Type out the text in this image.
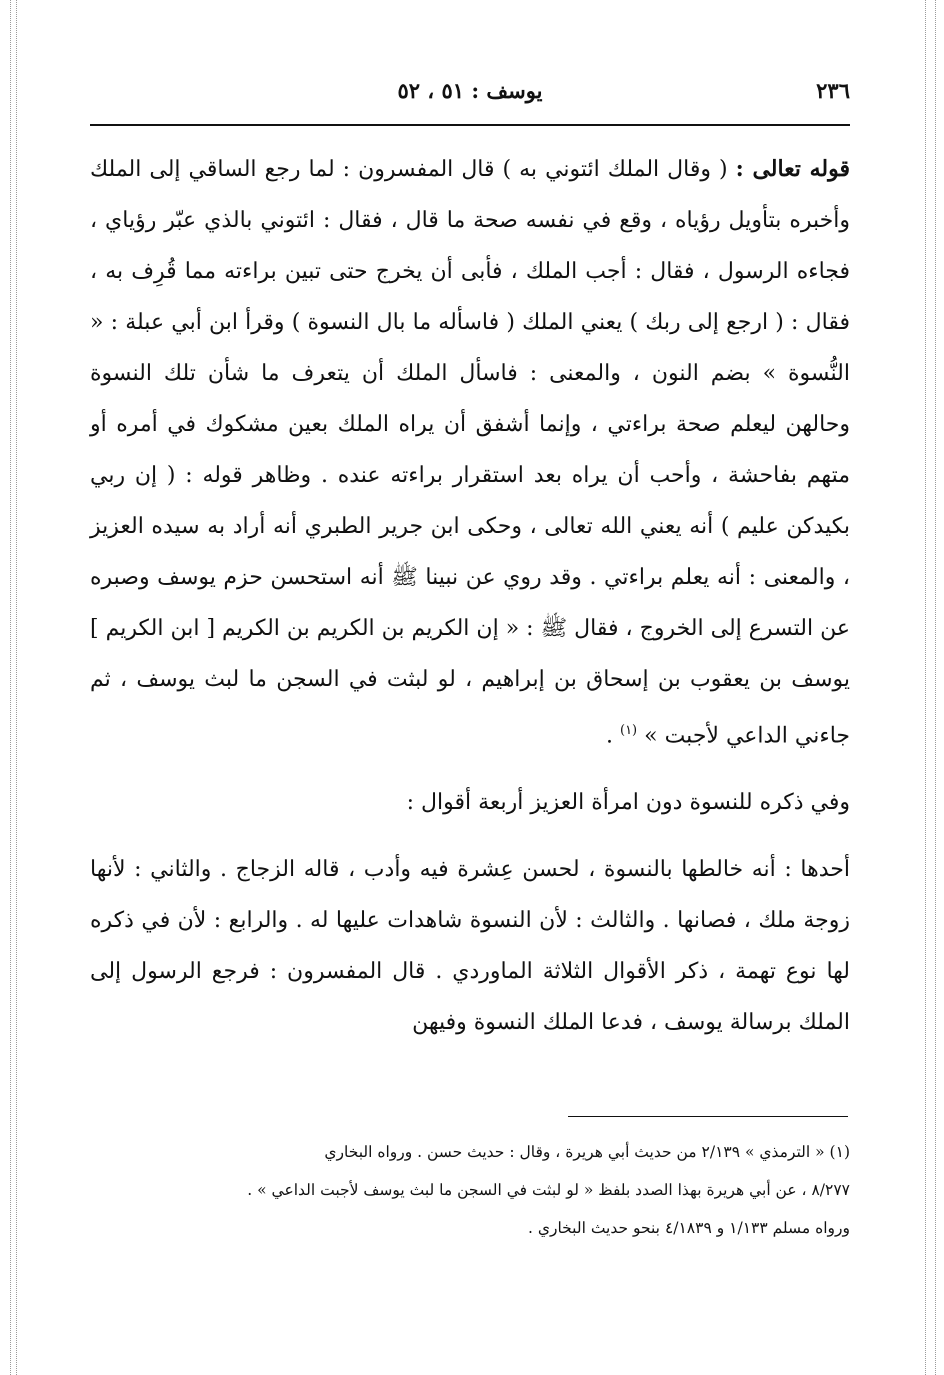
٢٣٦
يوسف : ٥١ ، ٥٢

قوله تعالى : ( وقال الملك ائتوني به ) قال المفسرون : لما رجع الساقي إلى الملك وأخبره بتأويل رؤياه ، وقع في نفسه صحة ما قال ، فقال : ائتوني بالذي عبّر رؤياي ، فجاءه الرسول ، فقال : أجب الملك ، فأبى أن يخرج حتى تبين براءته مما قُرِف به ، فقال : ( ارجع إلى ربك ) يعني الملك ( فاسأله ما بال النسوة ) وقرأ ابن أبي عبلة : « النُّسوة » بضم النون ، والمعنى : فاسأل الملك أن يتعرف ما شأن تلك النسوة وحالهن ليعلم صحة براءتي ، وإنما أشفق أن يراه الملك بعين مشكوك في أمره أو متهم بفاحشة ، وأحب أن يراه بعد استقرار براءته عنده . وظاهر قوله : ( إن ربي بكيدكن عليم ) أنه يعني الله تعالى ، وحكى ابن جرير الطبري أنه أراد به سيده العزيز ، والمعنى : أنه يعلم براءتي . وقد روي عن نبينا ﷺ أنه استحسن حزم يوسف وصبره عن التسرع إلى الخروج ، فقال ﷺ : « إن الكريم بن الكريم بن الكريم [ ابن الكريم ] يوسف بن يعقوب بن إسحاق بن إبراهيم ، لو لبثت في السجن ما لبث يوسف ، ثم جاءني الداعي لأجبت » $^{(١)}$ .

وفي ذكره للنسوة دون امرأة العزيز أربعة أقوال :

أحدها : أنه خالطها بالنسوة ، لحسن عِشرة فيه وأدب ، قاله الزجاج . والثاني : لأنها زوجة ملك ، فصانها . والثالث : لأن النسوة شاهدات عليها له . والرابع : لأن في ذكره لها نوع تهمة ، ذكر الأقوال الثلاثة الماوردي . قال المفسرون : فرجع الرسول إلى الملك برسالة يوسف ، فدعا الملك النسوة وفيهن

(١) « الترمذي » ٢/١٣٩ من حديث أبي هريرة ، وقال : حديث حسن . ورواه البخاري

٨/٢٧٧ ، عن أبي هريرة بهذا الصدد بلفظ « لو لبثت في السجن ما لبث يوسف لأجبت الداعي » .

ورواه مسلم ١/١٣٣ و ٤/١٨٣٩ بنحو حديث البخاري .
